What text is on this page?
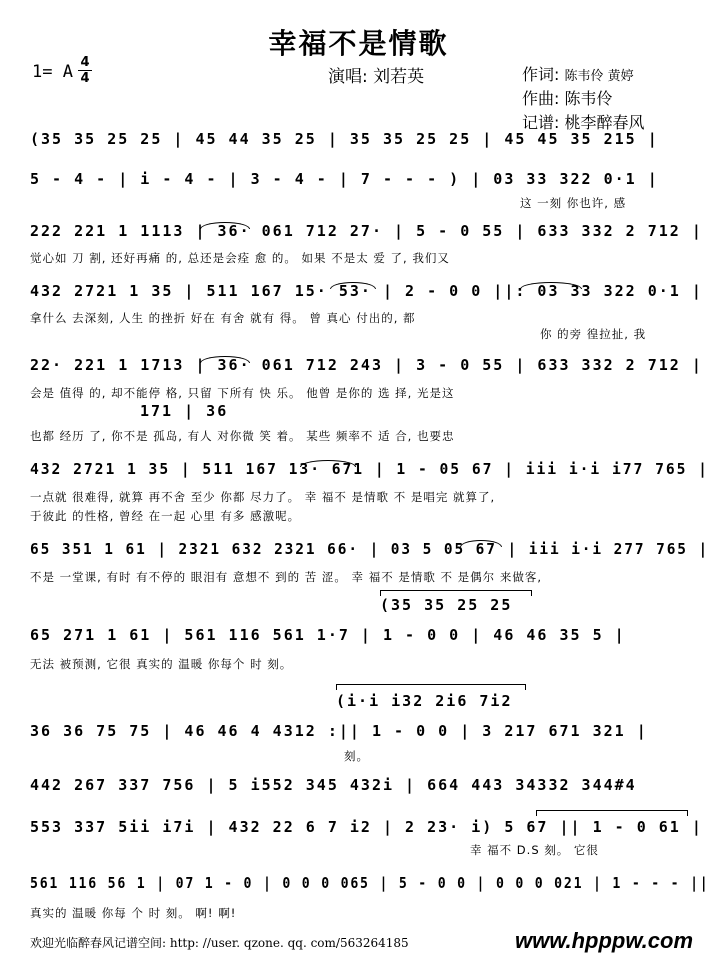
幸福不是情歌
1= A 4
4	演唱: 刘若英	作词: 陈韦伶 黄婷
作曲: 陈韦伶
记谱: 桃李醉春风
(35 35 25 25 | 45 44 35 25 | 35 35 25 25 | 45 45 35 215 |
5 - 4 - | i - 4 - | 3 - 4 - | 7 - - - ) | 03 33 322 0·1 |
这 一刻 你也许, 感
222 221 1 1113 | 36· 061 712 27· | 5 - 0 55 | 633 332 2 712 |
觉心如 刀 割, 还好再痛 的, 总还是会痊 愈 的。 如果 不是太 爱 了, 我们又
432 2721 1 35 | 511 167 15· 53· | 2 - 0 0 ||: 03 33 322 0·1 |
拿什么 去深刻, 人生 的挫折 好在 有舍 就有 得。 曾 真心 付出的, 都
你 的旁 徨拉扯, 我
22· 221 1 1713 | 36· 061 712 243 | 3 - 0 55 | 633 332 2 712 |
会是 值得 的, 却不能停 格, 只留 下所有 快 乐。 他曾 是你的 选 择, 光是这
171 | 36
也都 经历 了, 你不是 孤岛, 有人 对你微 笑 着。 某些 频率不 适 合, 也要忠
432 2721 1 35 | 511 167 13· 671 | 1 - 05 67 | iii i·i i77 765 |
一点就 很难得, 就算 再不舍 至少 你都 尽力了。 幸 福不 是情歌 不 是唱完 就算了,
于彼此 的性格, 曾经 在一起 心里 有多 感激呢。
65 351 1 61 | 2321 632 2321 66· | 03 5 05 67 | iii i·i 277 765 |
不是 一堂课, 有时 有不停的 眼泪有 意想不 到的 苦 涩。 幸 福不 是情歌 不 是偶尔 来做客,
(35 35 25 25
65 271 1 61 | 561 116 561 1·7 | 1 - 0 0 | 46 46 35 5 |
无法 被预测, 它很 真实的 温暖 你每个 时 刻。
(i·i i32 2i6 7i2
36 36 75 75 | 46 46 4 4312 :|| 1 - 0 0 | 3 217 671 321 |
刻。
442 267 337 756 | 5 i552 345 432i | 664 443 34332 344#4
553 337 5ii i7i | 432 22 6 7 i2 | 2 23· i) 5 67 || 1 - 0 61 |
幸 福不 D.S 刻。 它很
561 116 56 1 | 07 1 - 0 | 0 0 0 065 | 5 - 0 0 | 0 0 0 021 | 1 - - - ||
真实的 温暖 你每 个 时 刻。 啊! 啊!
欢迎光临醉春风记谱空间: http: //user. qzone. qq. com/563264185	www.hpppw.com
